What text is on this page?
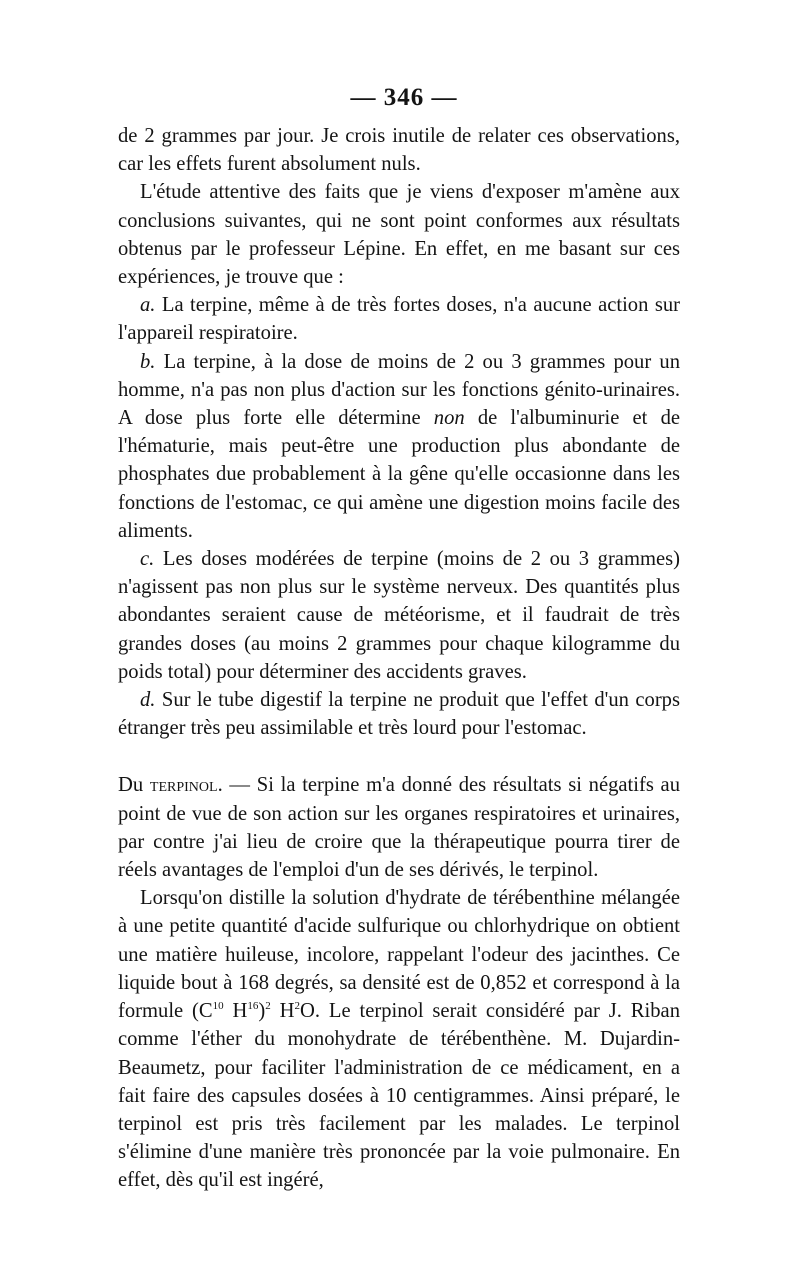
— 346 —

de 2 grammes par jour. Je crois inutile de relater ces observations, car les effets furent absolument nuls.

L'étude attentive des faits que je viens d'exposer m'amène aux conclusions suivantes, qui ne sont point conformes aux résultats obtenus par le professeur Lépine. En effet, en me basant sur ces expériences, je trouve que :

a. La terpine, même à de très fortes doses, n'a aucune action sur l'appareil respiratoire.

b. La terpine, à la dose de moins de 2 ou 3 grammes pour un homme, n'a pas non plus d'action sur les fonctions génito-urinaires. A dose plus forte elle détermine non de l'albuminurie et de l'hématurie, mais peut-être une production plus abondante de phosphates due probablement à la gêne qu'elle occasionne dans les fonctions de l'estomac, ce qui amène une digestion moins facile des aliments.

c. Les doses modérées de terpine (moins de 2 ou 3 grammes) n'agissent pas non plus sur le système nerveux. Des quantités plus abondantes seraient cause de météorisme, et il faudrait de très grandes doses (au moins 2 grammes pour chaque kilogramme du poids total) pour déterminer des accidents graves.

d. Sur le tube digestif la terpine ne produit que l'effet d'un corps étranger très peu assimilable et très lourd pour l'estomac.

Du terpinol. — Si la terpine m'a donné des résultats si négatifs au point de vue de son action sur les organes respiratoires et urinaires, par contre j'ai lieu de croire que la thérapeutique pourra tirer de réels avantages de l'emploi d'un de ses dérivés, le terpinol.

Lorsqu'on distille la solution d'hydrate de térébenthine mélangée à une petite quantité d'acide sulfurique ou chlorhydrique on obtient une matière huileuse, incolore, rappelant l'odeur des jacinthes. Ce liquide bout à 168 degrés, sa densité est de 0,852 et correspond à la formule ($C^{10}$ $H^{16})^2$ $H^2O$. Le terpinol serait considéré par J. Riban comme l'éther du monohydrate de térébenthène. M. Dujardin-Beaumetz, pour faciliter l'administration de ce médicament, en a fait faire des capsules dosées à 10 centigrammes. Ainsi préparé, le terpinol est pris très facilement par les malades. Le terpinol s'élimine d'une manière très prononcée par la voie pulmonaire. En effet, dès qu'il est ingéré,
